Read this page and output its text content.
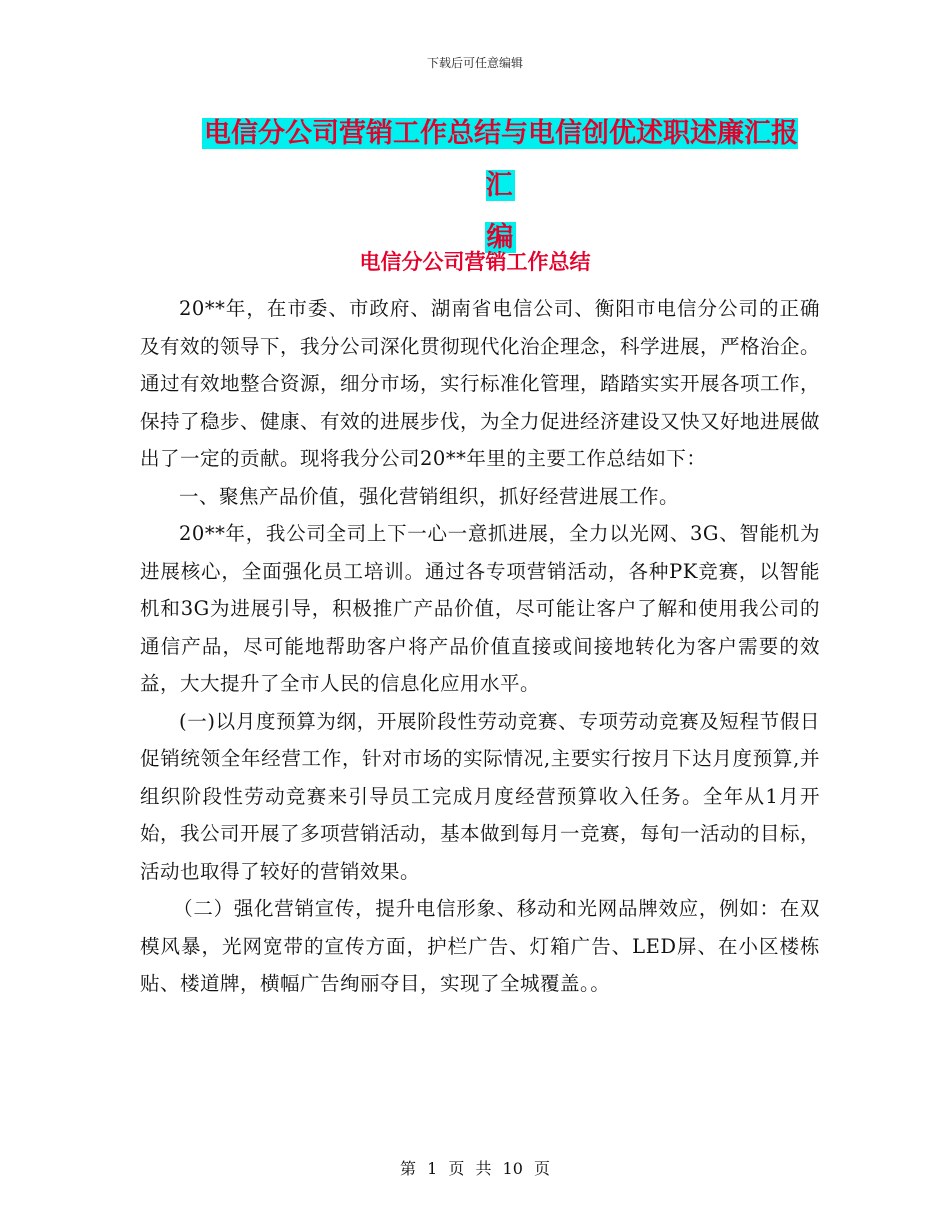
下载后可任意编辑
电信分公司营销工作总结与电信创优述职述廉汇报汇
编
电信分公司营销工作总结

20**年，在市委、市政府、湖南省电信公司、衡阳市电信分公司的正确及有效的领导下，我分公司深化贯彻现代化治企理念，科学进展，严格治企。通过有效地整合资源，细分市场，实行标准化管理，踏踏实实开展各项工作，保持了稳步、健康、有效的进展步伐，为全力促进经济建设又快又好地进展做出了一定的贡献。现将我分公司20**年里的主要工作总结如下：

一、聚焦产品价值，强化营销组织，抓好经营进展工作。

20**年，我公司全司上下一心一意抓进展，全力以光网、3G、智能机为进展核心，全面强化员工培训。通过各专项营销活动，各种PK竞赛，以智能机和3G为进展引导，积极推广产品价值，尽可能让客户了解和使用我公司的通信产品，尽可能地帮助客户将产品价值直接或间接地转化为客户需要的效益，大大提升了全市人民的信息化应用水平。

(一)以月度预算为纲，开展阶段性劳动竞赛、专项劳动竞赛及短程节假日促销统领全年经营工作，针对市场的实际情况,主要实行按月下达月度预算,并组织阶段性劳动竞赛来引导员工完成月度经营预算收入任务。全年从1月开始，我公司开展了多项营销活动，基本做到每月一竞赛，每旬一活动的目标，活动也取得了较好的营销效果。

（二）强化营销宣传，提升电信形象、移动和光网品牌效应，例如：在双模风暴，光网宽带的宣传方面，护栏广告、灯箱广告、LED屏、在小区楼栋贴、楼道牌，横幅广告绚丽夺目，实现了全城覆盖。。

第 1 页 共 10 页
